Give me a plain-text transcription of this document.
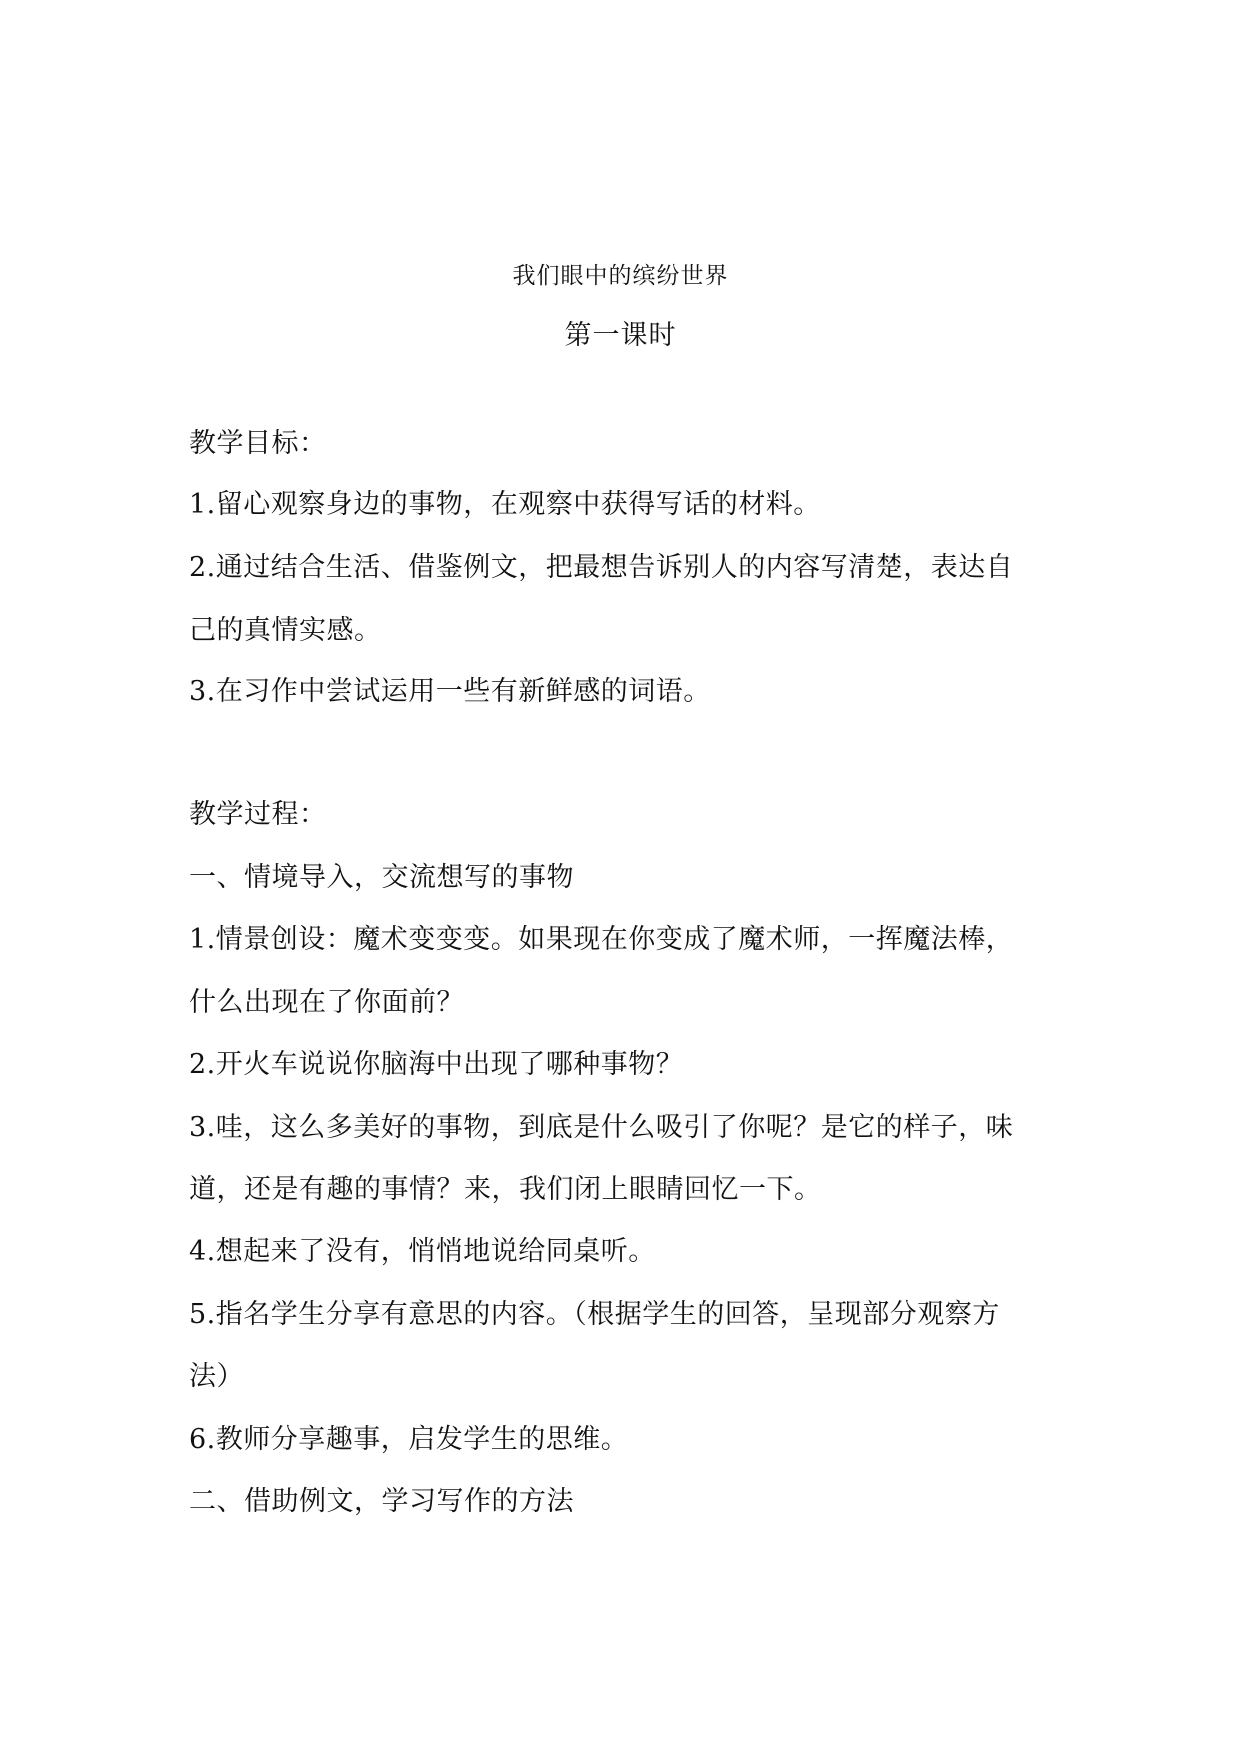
我们眼中的缤纷世界
第一课时
教学目标：
1.留心观察身边的事物，在观察中获得写话的材料。
2.通过结合生活、借鉴例文，把最想告诉别人的内容写清楚，表达自
己的真情实感。
3.在习作中尝试运用一些有新鲜感的词语。
教学过程：
一、情境导入，交流想写的事物
1.情景创设：魔术变变变。如果现在你变成了魔术师，一挥魔法棒，
什么出现在了你面前？
2.开火车说说你脑海中出现了哪种事物？
3.哇，这么多美好的事物，到底是什么吸引了你呢？是它的样子，味
道，还是有趣的事情？来，我们闭上眼睛回忆一下。
4.想起来了没有，悄悄地说给同桌听。
5.指名学生分享有意思的内容。（根据学生的回答，呈现部分观察方
法）
6.教师分享趣事，启发学生的思维。
二、借助例文，学习写作的方法
